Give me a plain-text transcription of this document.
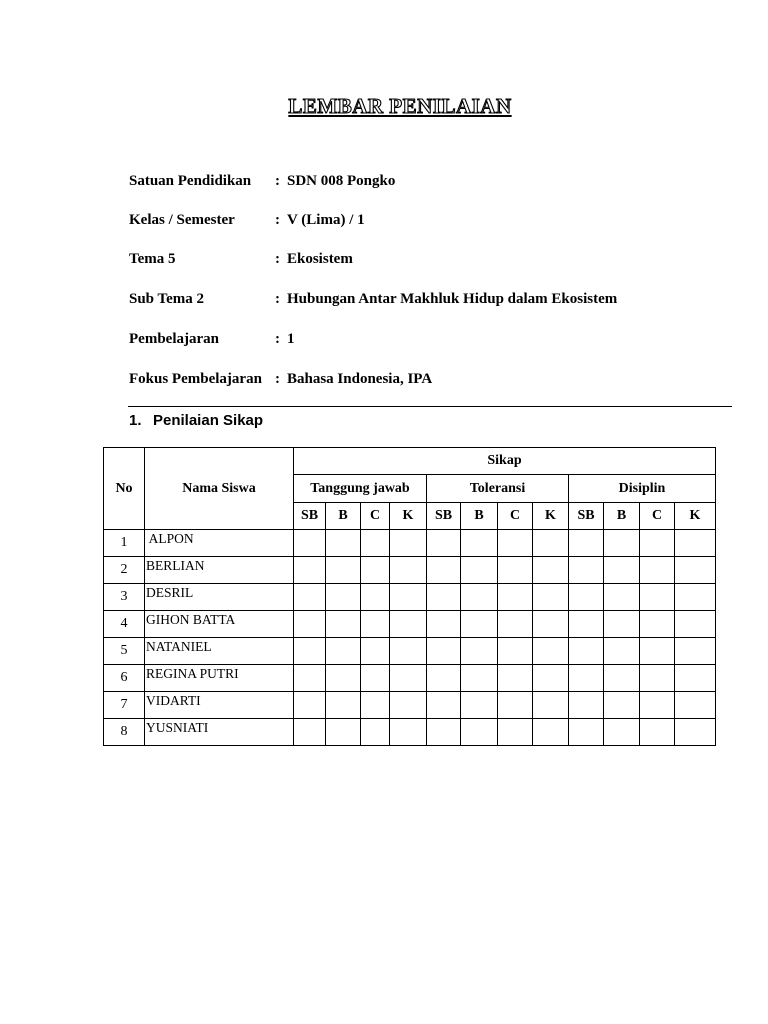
LEMBAR PENILAIAN
Satuan Pendidikan : SDN 008 Pongko
Kelas / Semester	: V (Lima) / 1
Tema 5	: Ekosistem
Sub Tema 2	: Hubungan Antar Makhluk Hidup dalam Ekosistem
Pembelajaran	: 1
Fokus Pembelajaran : Bahasa Indonesia, IPA
1. Penilaian Sikap
No	Nama Siswa	Sikap											
		Tanggung jawab				Toleransi				Disiplin			
		SB	B	C	K	SB	B	C	K	SB	B	C	K
1	ALPON												
2	BERLIAN												
3	DESRIL												
4	GIHON BATTA												
5	NATANIEL												
6	REGINA PUTRI												
7	VIDARTI												
8	YUSNIATI												
